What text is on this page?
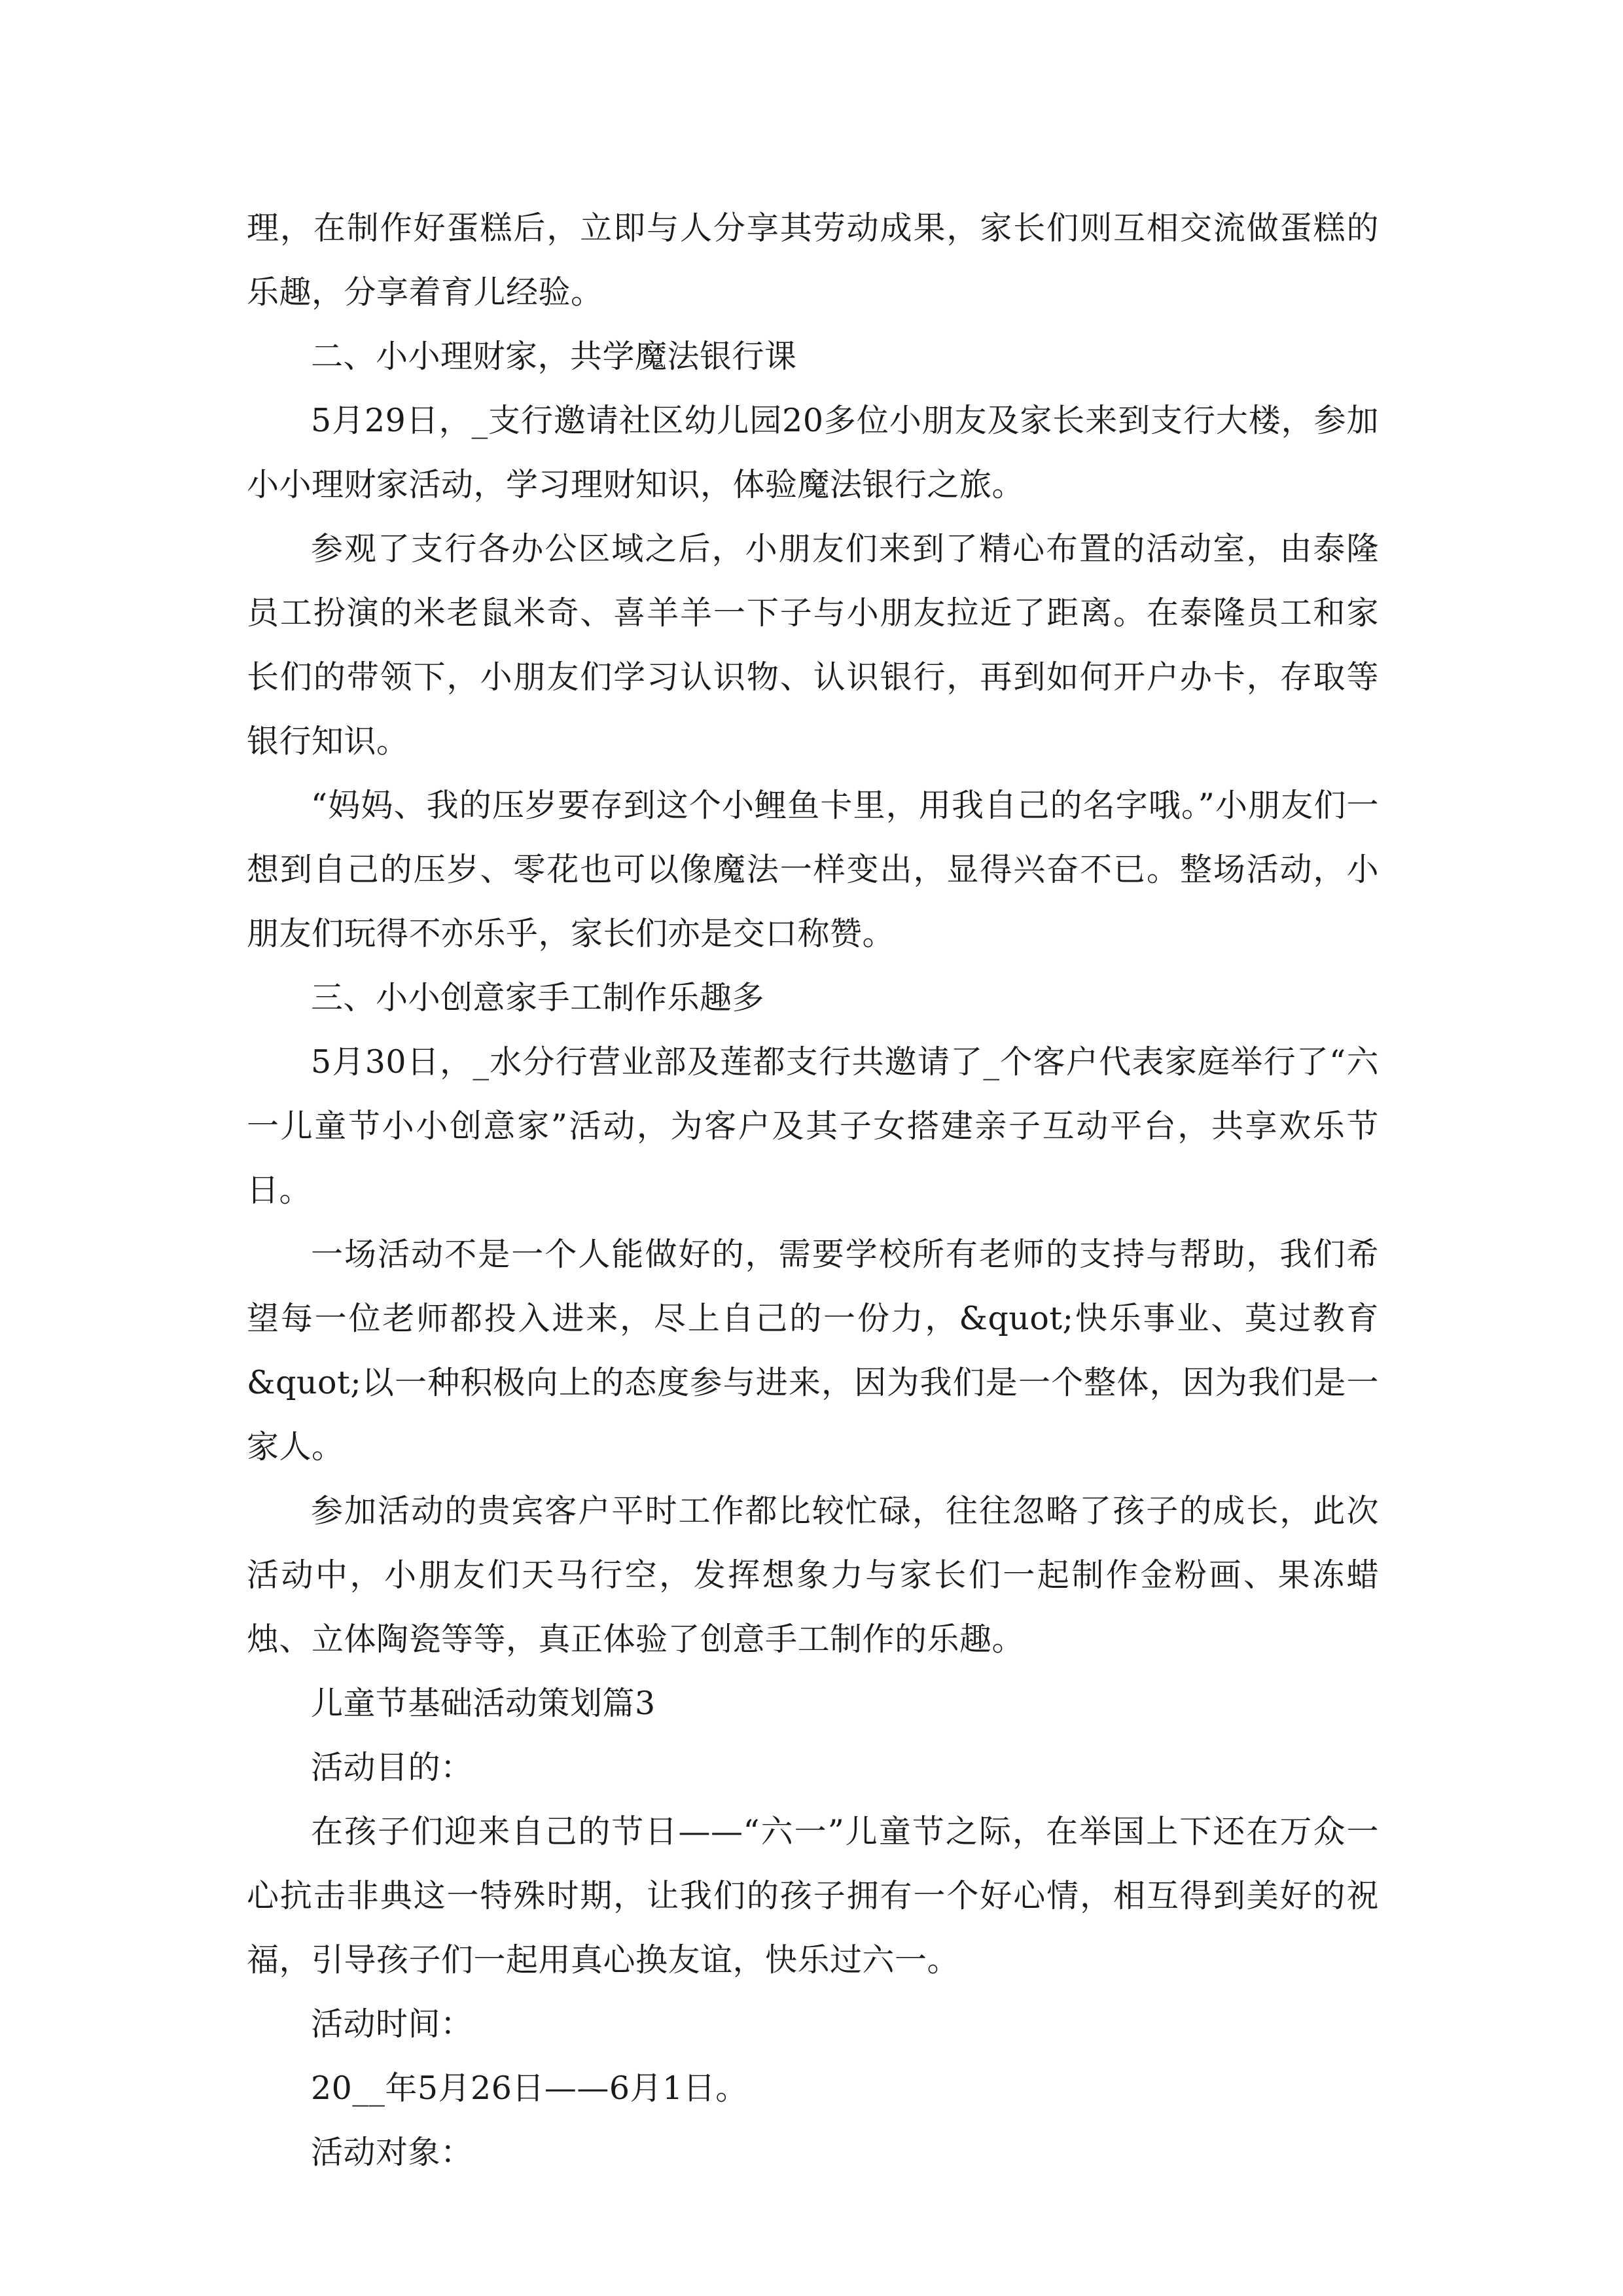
理，在制作好蛋糕后，立即与人分享其劳动成果，家长们则互相交流做蛋糕的乐趣，分享着育儿经验。

二、小小理财家，共学魔法银行课

5月29日，_支行邀请社区幼儿园20多位小朋友及家长来到支行大楼，参加小小理财家活动，学习理财知识，体验魔法银行之旅。

参观了支行各办公区域之后，小朋友们来到了精心布置的活动室，由泰隆员工扮演的米老鼠米奇、喜羊羊一下子与小朋友拉近了距离。在泰隆员工和家长们的带领下，小朋友们学习认识物、认识银行，再到如何开户办卡，存取等银行知识。

“妈妈、我的压岁要存到这个小鲤鱼卡里，用我自己的名字哦。”小朋友们一想到自己的压岁、零花也可以像魔法一样变出，显得兴奋不已。整场活动，小朋友们玩得不亦乐乎，家长们亦是交口称赞。

三、小小创意家手工制作乐趣多

5月30日，_水分行营业部及莲都支行共邀请了_个客户代表家庭举行了“六一儿童节小小创意家”活动，为客户及其子女搭建亲子互动平台，共享欢乐节日。

一场活动不是一个人能做好的，需要学校所有老师的支持与帮助，我们希望每一位老师都投入进来，尽上自己的一份力，&quot;快乐事业、莫过教育&quot;以一种积极向上的态度参与进来，因为我们是一个整体，因为我们是一家人。

参加活动的贵宾客户平时工作都比较忙碌，往往忽略了孩子的成长，此次活动中，小朋友们天马行空，发挥想象力与家长们一起制作金粉画、果冻蜡烛、立体陶瓷等等，真正体验了创意手工制作的乐趣。

儿童节基础活动策划篇3

活动目的：

在孩子们迎来自己的节日——“六一”儿童节之际，在举国上下还在万众一心抗击非典这一特殊时期，让我们的孩子拥有一个好心情，相互得到美好的祝福，引导孩子们一起用真心换友谊，快乐过六一。

活动时间：

20__年5月26日——6月1日。

活动对象：
